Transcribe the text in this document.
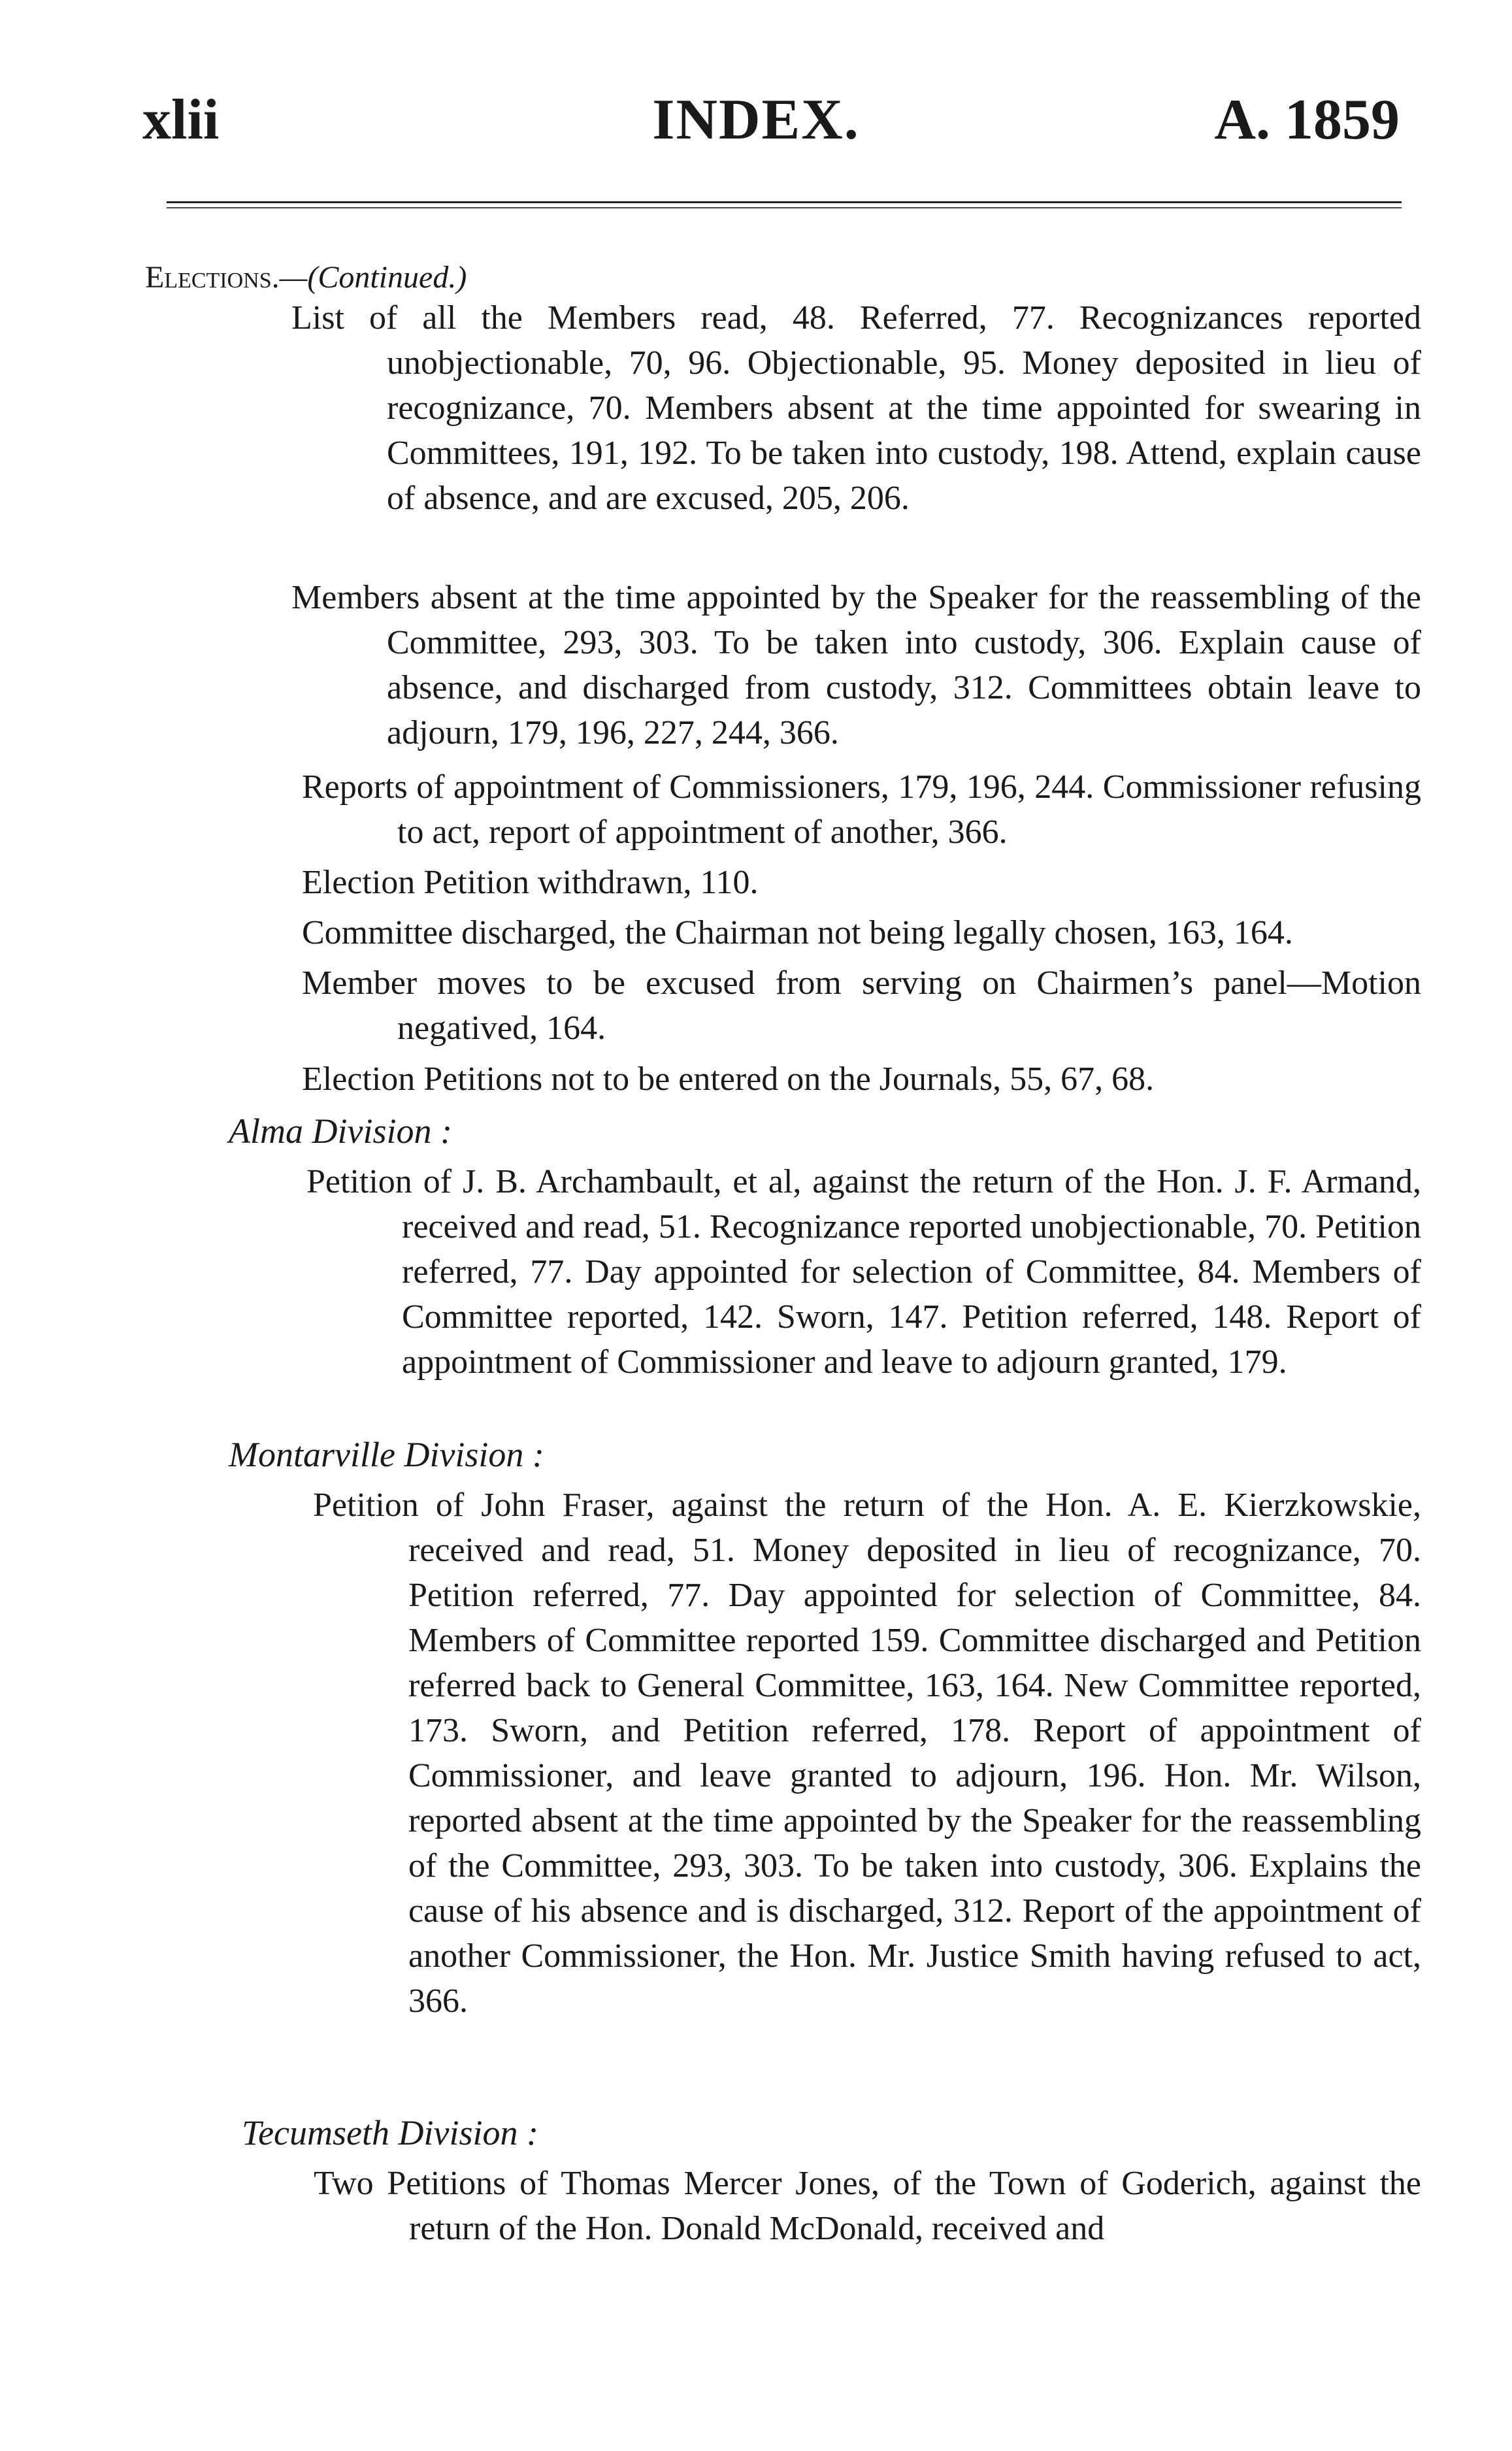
xlii	INDEX.	A. 1859
Elections.—(Continued.)
List of all the Members read, 48. Referred, 77. Recognizances reported unobjectionable, 70, 96. Objectionable, 95. Money deposited in lieu of recognizance, 70. Members absent at the time appointed for swearing in Committees, 191, 192. To be taken into custody, 198. Attend, explain cause of absence, and are excused, 205, 206.
Members absent at the time appointed by the Speaker for the reassembling of the Committee, 293, 303. To be taken into custody, 306. Explain cause of absence, and discharged from custody, 312. Committees obtain leave to adjourn, 179, 196, 227, 244, 366.
Reports of appointment of Commissioners, 179, 196, 244. Commissioner refusing to act, report of appointment of another, 366.
Election Petition withdrawn, 110.
Committee discharged, the Chairman not being legally chosen, 163, 164.
Member moves to be excused from serving on Chairmen’s panel—Motion negatived, 164.
Election Petitions not to be entered on the Journals, 55, 67, 68.
Alma Division :
Petition of J. B. Archambault, et al, against the return of the Hon. J. F. Armand, received and read, 51. Recognizance reported unobjectionable, 70. Petition referred, 77. Day appointed for selection of Committee, 84. Members of Committee reported, 142. Sworn, 147. Petition referred, 148. Report of appointment of Commissioner and leave to adjourn granted, 179.
Montarville Division :
Petition of John Fraser, against the return of the Hon. A. E. Kierzkowskie, received and read, 51. Money deposited in lieu of recognizance, 70. Petition referred, 77. Day appointed for selection of Committee, 84. Members of Committee reported 159. Committee discharged and Petition referred back to General Committee, 163, 164. New Committee reported, 173. Sworn, and Petition referred, 178. Report of appointment of Commissioner, and leave granted to adjourn, 196. Hon. Mr. Wilson, reported absent at the time appointed by the Speaker for the reassembling of the Committee, 293, 303. To be taken into custody, 306. Explains the cause of his absence and is discharged, 312. Report of the appointment of another Commissioner, the Hon. Mr. Justice Smith having refused to act, 366.
Tecumseth Division :
Two Petitions of Thomas Mercer Jones, of the Town of Goderich, against the return of the Hon. Donald McDonald, received and
